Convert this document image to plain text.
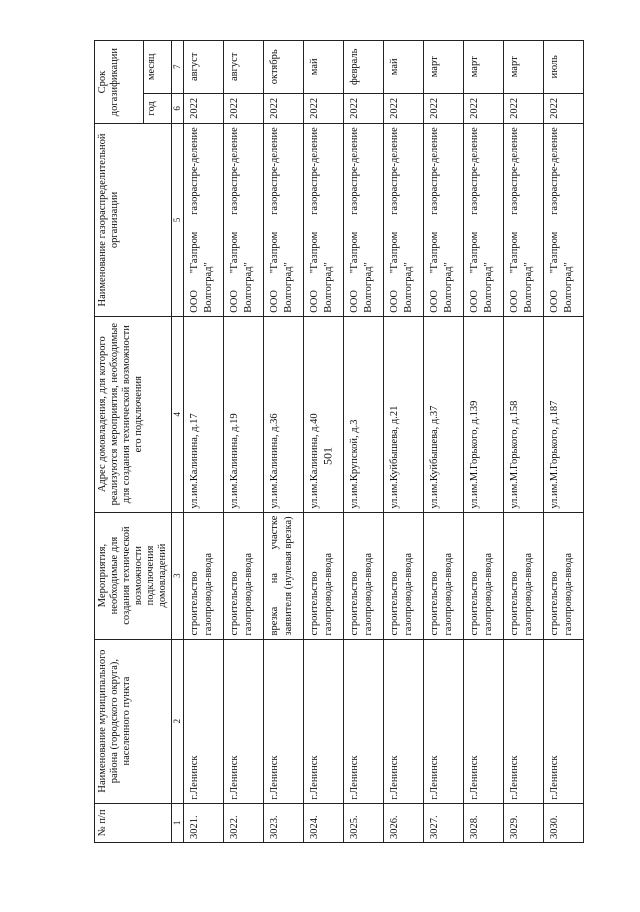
501
№ п/п	Наименование муниципального района (городского округа), населенного пункта	Мероприятия, необходимые для создания технической возможности подключения домовладений	Адрес домовладения, для которого реализуются мероприятия, необходимые для создания технической возможности его подключения	Наименование газораспределительной организации	Срок догазификации	
					год	месяц
1	2	3	4	5	6	7
3021.	г.Ленинск	строительство газопровода-ввода	ул.им.Калинина, д.17	ООО "Газпром газораспре-деление Волгоград"	2022	август
3022.	г.Ленинск	строительство газопровода-ввода	ул.им.Калинина, д.19	ООО "Газпром газораспре-деление Волгоград"	2022	август
3023.	г.Ленинск	врезка на участке заявителя (нулевая врезка)	ул.им.Калинина, д.36	ООО "Газпром газораспре-деление Волгоград"	2022	октябрь
3024.	г.Ленинск	строительство газопровода-ввода	ул.им.Калинина, д.40	ООО "Газпром газораспре-деление Волгоград"	2022	май
3025.	г.Ленинск	строительство газопровода-ввода	ул.им.Крупской, д.3	ООО "Газпром газораспре-деление Волгоград"	2022	февраль
3026.	г.Ленинск	строительство газопровода-ввода	ул.им.Куйбышева, д.21	ООО "Газпром газораспре-деление Волгоград"	2022	май
3027.	г.Ленинск	строительство газопровода-ввода	ул.им.Куйбышева, д.37	ООО "Газпром газораспре-деление Волгоград"	2022	март
3028.	г.Ленинск	строительство газопровода-ввода	ул.им.М.Горького, д.139	ООО "Газпром газораспре-деление Волгоград"	2022	март
3029.	г.Ленинск	строительство газопровода-ввода	ул.им.М.Горького, д.158	ООО "Газпром газораспре-деление Волгоград"	2022	март
3030.	г.Ленинск	строительство газопровода-ввода	ул.им.М.Горького, д.187	ООО "Газпром газораспре-деление Волгоград"	2022	июль
